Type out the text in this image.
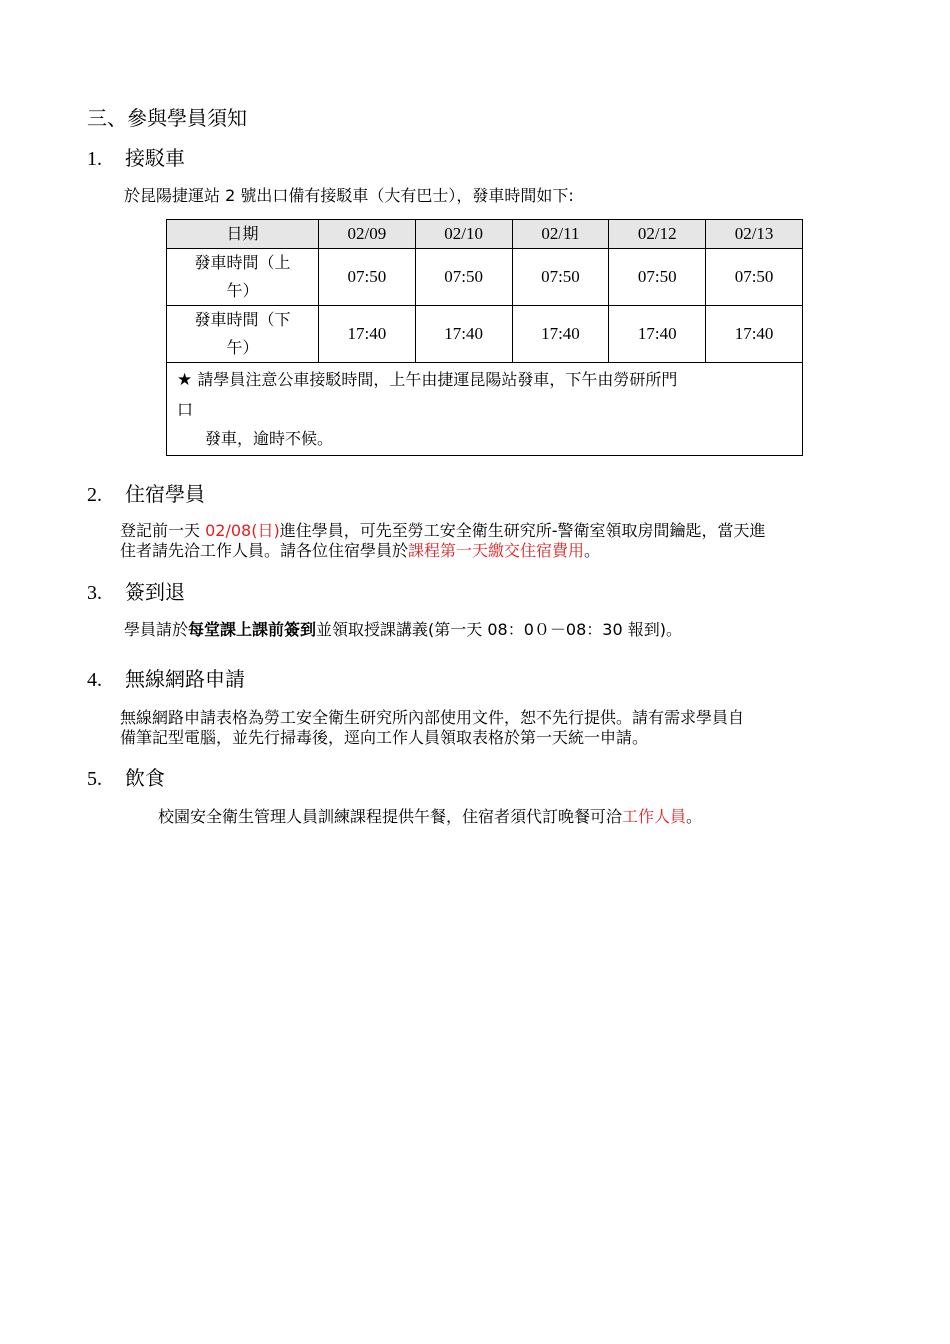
三、參與學員須知
1. 接駁車
於昆陽捷運站 2 號出口備有接駁車（大有巴士），發車時間如下:
日期	02/09	02/10	02/11	02/12	02/13
發車時間（上
午）	07:50	07:50	07:50	07:50	07:50
發車時間（下
午）	17:40	17:40	17:40	17:40	17:40
★ 請學員注意公車接駁時間，上午由捷運昆陽站發車，下午由勞研所門
口
發車，逾時不候。					
2. 住宿學員
登記前一天 02/08(日)進住學員，可先至勞工安全衛生研究所-警衛室領取房間鑰匙，當天進
住者請先洽工作人員。請各位住宿學員於課程第一天繳交住宿費用。
3. 簽到退
學員請於每堂課上課前簽到並領取授課講義(第一天 08：0０－08：30 報到)。
4. 無線網路申請
無線網路申請表格為勞工安全衛生研究所內部使用文件，恕不先行提供。請有需求學員自
備筆記型電腦，並先行掃毒後，逕向工作人員領取表格於第一天統一申請。
5. 飲食
校園安全衛生管理人員訓練課程提供午餐，住宿者須代訂晚餐可洽工作人員。
